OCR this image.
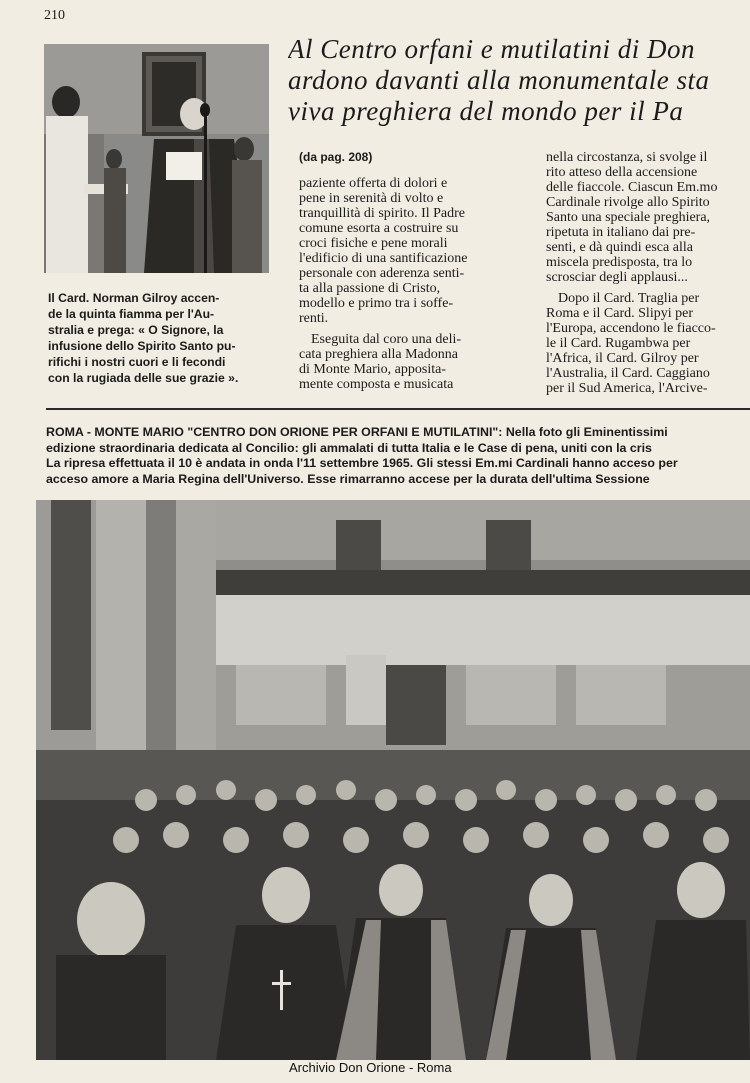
210
Al Centro orfani e mutilatini di Don
ardono davanti alla monumentale sta
viva preghiera del mondo per il Pa
Il Card. Norman Gilroy accen-
de la quinta fiamma per l'Au-
stralia e prega: « O Signore, la
infusione dello Spirito Santo pu-
rifichi i nostri cuori e li fecondi
con la rugiada delle sue grazie ».
(da pag. 208)
paziente offerta di dolori e
pene in serenità di volto e
tranquillità di spirito. Il Padre
comune esorta a costruire su
croci fisiche e pene morali
l'edificio di una santificazione
personale con aderenza senti-
ta alla passione di Cristo,
modello e primo tra i soffe-
renti.
Eseguita dal coro una deli-
cata preghiera alla Madonna
di Monte Mario, apposita-
mente composta e musicata
nella circostanza, si svolge il
rito atteso della accensione
delle fiaccole. Ciascun Em.mo
Cardinale rivolge allo Spirito
Santo una speciale preghiera,
ripetuta in italiano dai pre-
senti, e dà quindi esca alla
miscela predisposta, tra lo
scrosciar degli applausi...
Dopo il Card. Traglia per
Roma e il Card. Slipyi per
l'Europa, accendono le fiacco-
le il Card. Rugambwa per
l'Africa, il Card. Gilroy per
l'Australia, il Card. Caggiano
per il Sud America, l'Arcive-
ROMA - MONTE MARIO "CENTRO DON ORIONE PER ORFANI E MUTILATINI": Nella foto gli Eminentissimi
edizione straordinaria dedicata al Concilio: gli ammalati di tutta Italia e le Case di pena, uniti con la cris
La ripresa effettuata il 10 è andata in onda l'11 settembre 1965. Gli stessi Em.mi Cardinali hanno acceso per
acceso amore a Maria Regina dell'Universo. Esse rimarranno accese per la durata dell'ultima Sessione
Archivio Don Orione - Roma
